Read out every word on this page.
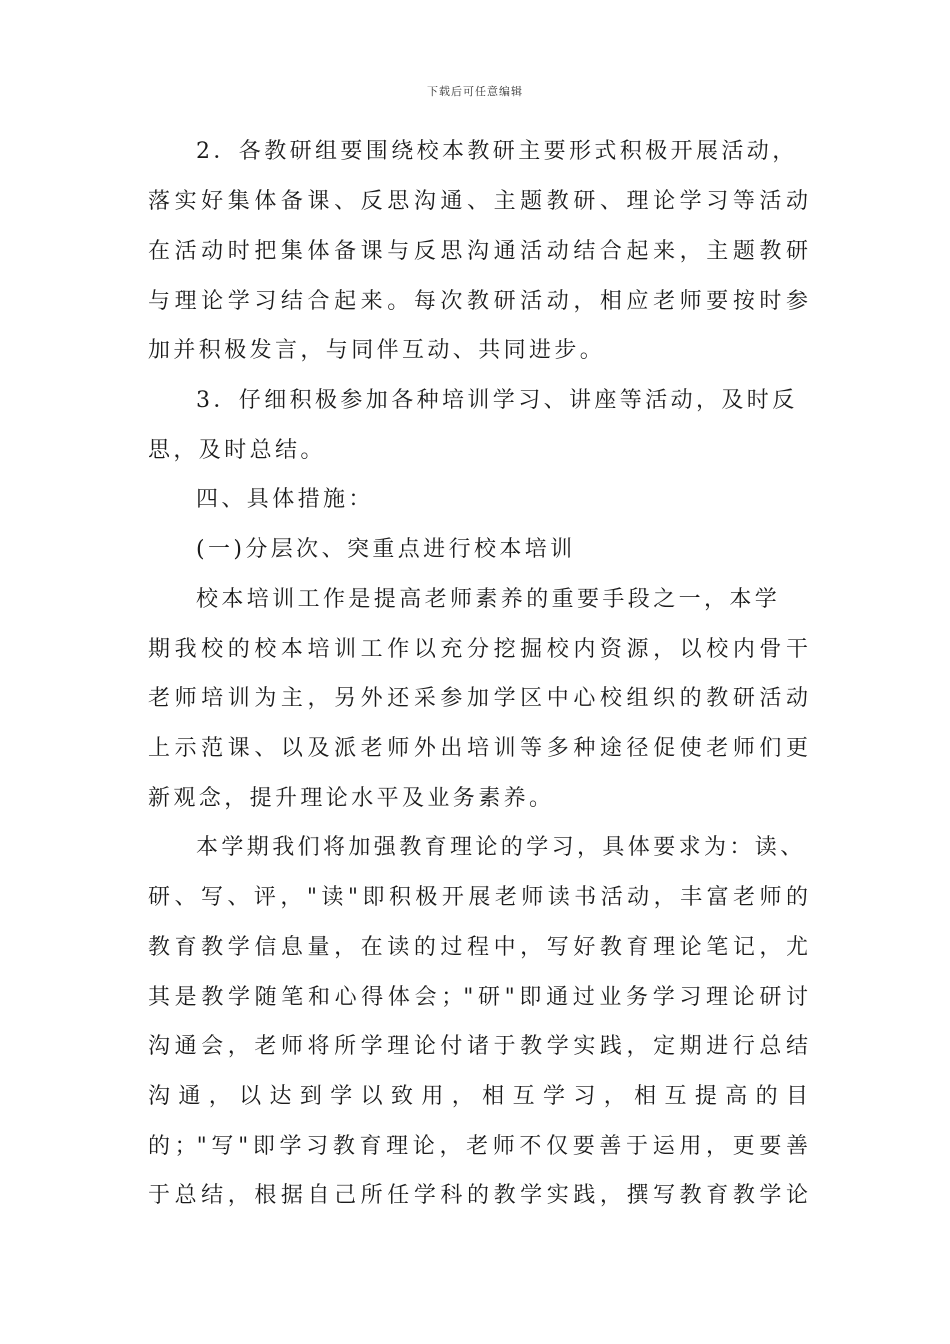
下载后可任意编辑
2．各教研组要围绕校本教研主要形式积极开展活动，
落实好集体备课、反思沟通、主题教研、理论学习等活动
在活动时把集体备课与反思沟通活动结合起来，主题教研
与理论学习结合起来。每次教研活动，相应老师要按时参
加并积极发言，与同伴互动、共同进步。
3．仔细积极参加各种培训学习、讲座等活动，及时反
思，及时总结。
四、具体措施：
(一)分层次、突重点进行校本培训
校本培训工作是提高老师素养的重要手段之一，本学
期我校的校本培训工作以充分挖掘校内资源，以校内骨干
老师培训为主，另外还采参加学区中心校组织的教研活动
上示范课、以及派老师外出培训等多种途径促使老师们更
新观念，提升理论水平及业务素养。
本学期我们将加强教育理论的学习，具体要求为：读、
研、写、评，"读"即积极开展老师读书活动，丰富老师的
教育教学信息量，在读的过程中，写好教育理论笔记，尤
其是教学随笔和心得体会；"研"即通过业务学习理论研讨
沟通会，老师将所学理论付诸于教学实践，定期进行总结
沟通，以达到学以致用，相互学习，相互提高的目
的；"写"即学习教育理论，老师不仅要善于运用，更要善
于总结，根据自己所任学科的教学实践，撰写教育教学论
